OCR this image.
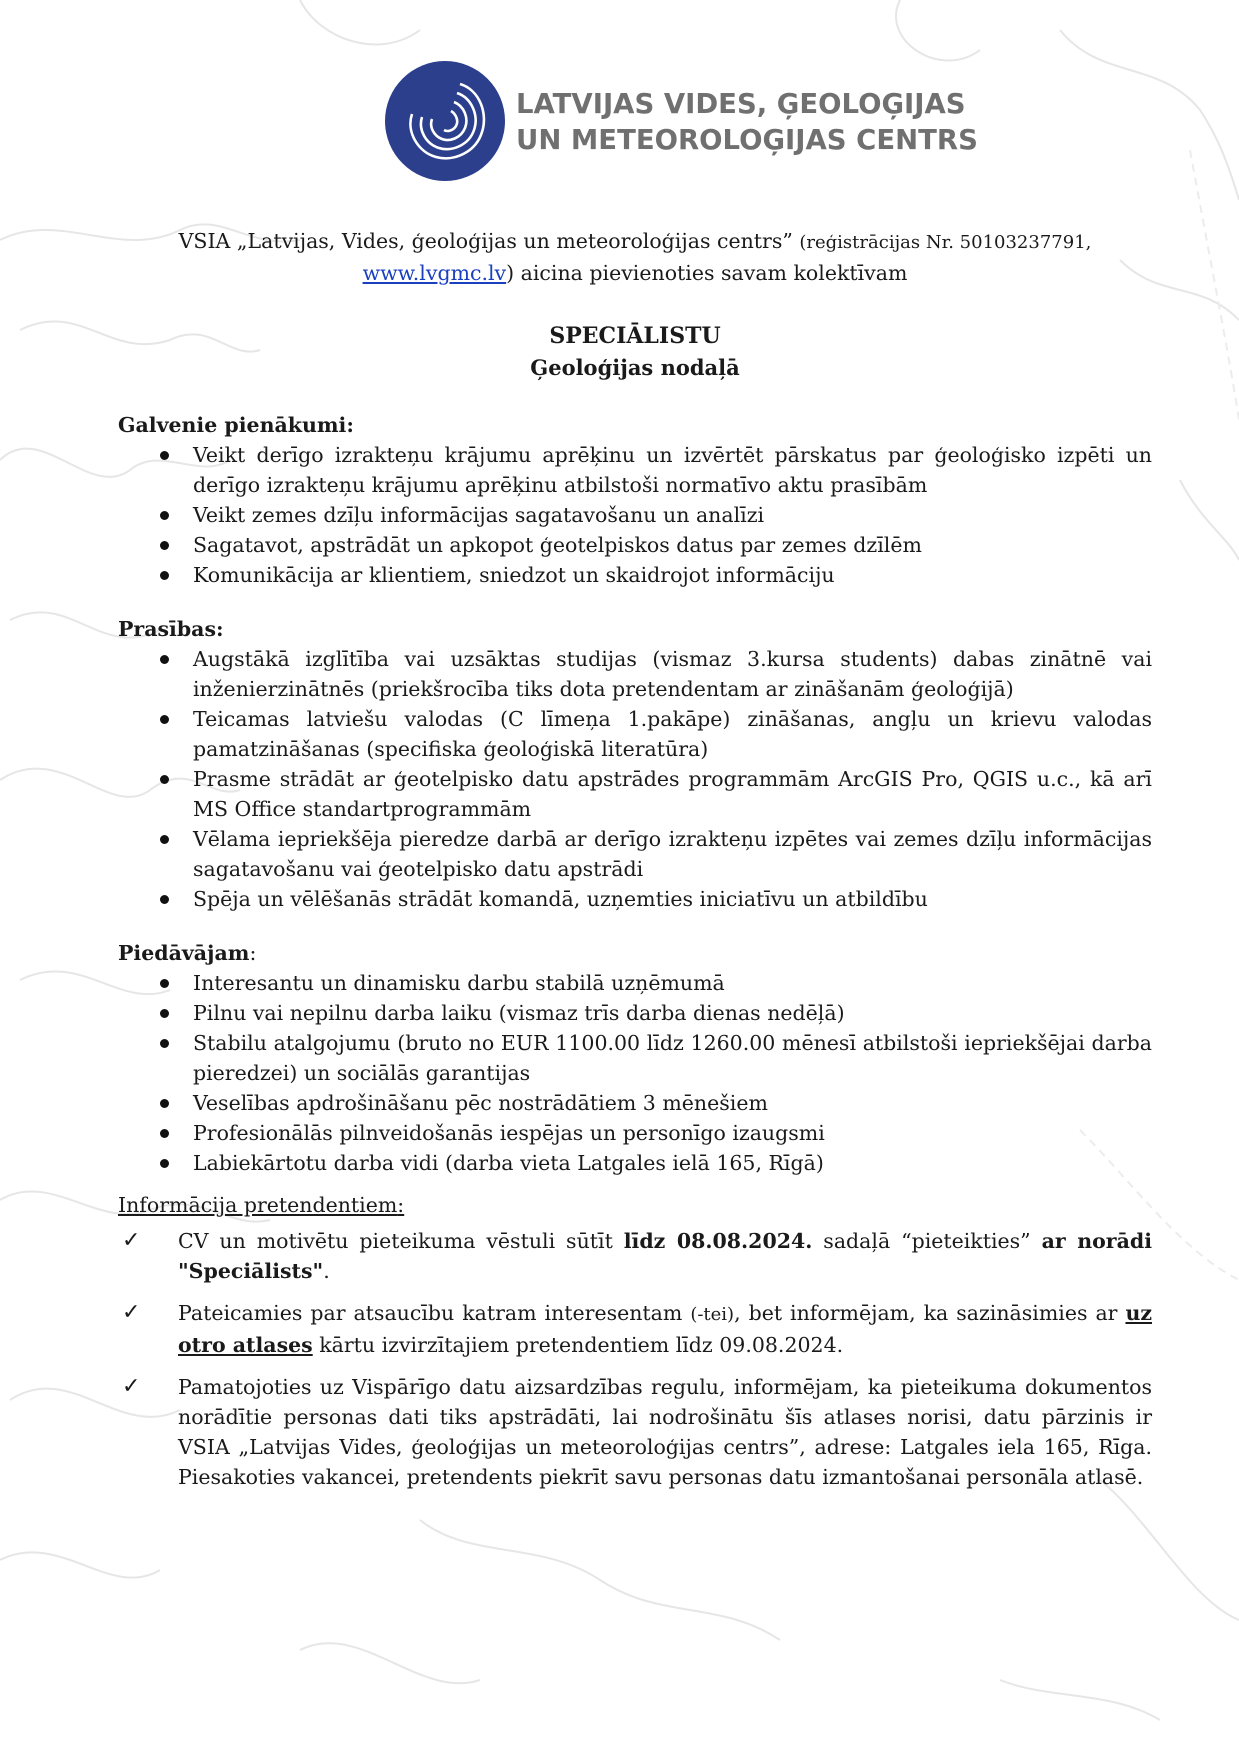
LATVIJAS VIDES, ĢEOLOĢIJAS
UN METEOROLOĢIJAS CENTRS

VSIA „Latvijas, Vides, ģeoloģijas un meteoroloģijas centrs” (reģistrācijas Nr. 50103237791,
www.lvgmc.lv) aicina pievienoties savam kolektīvam

SPECIĀLISTU
Ģeoloģijas nodaļā

Galvenie pienākumi:

Veikt derīgo izrakteņu krājumu aprēķinu un izvērtēt pārskatus par ģeoloģisko izpēti un derīgo izrakteņu krājumu aprēķinu atbilstoši normatīvo aktu prasībām
Veikt zemes dzīļu informācijas sagatavošanu un analīzi
Sagatavot, apstrādāt un apkopot ģeotelpiskos datus par zemes dzīlēm
Komunikācija ar klientiem, sniedzot un skaidrojot informāciju

Prasības:

Augstākā izglītība vai uzsāktas studijas (vismaz 3.kursa students) dabas zinātnē vai inženierzinātnēs (priekšrocība tiks dota pretendentam ar zināšanām ģeoloģijā)
Teicamas latviešu valodas (C līmeņa 1.pakāpe) zināšanas, angļu un krievu valodas pamatzināšanas (specifiska ģeoloģiskā literatūra)
Prasme strādāt ar ģeotelpisko datu apstrādes programmām ArcGIS Pro, QGIS u.c., kā arī MS Office standartprogrammām
Vēlama iepriekšēja pieredze darbā ar derīgo izrakteņu izpētes vai zemes dzīļu informācijas sagatavošanu vai ģeotelpisko datu apstrādi
Spēja un vēlēšanās strādāt komandā, uzņemties iniciatīvu un atbildību

Piedāvājam:

Interesantu un dinamisku darbu stabilā uzņēmumā
Pilnu vai nepilnu darba laiku (vismaz trīs darba dienas nedēļā)
Stabilu atalgojumu (bruto no EUR 1100.00 līdz 1260.00 mēnesī atbilstoši iepriekšējai darba pieredzei) un sociālās garantijas
Veselības apdrošināšanu pēc nostrādātiem 3 mēnešiem
Profesionālās pilnveidošanās iespējas un personīgo izaugsmi
Labiekārtotu darba vidi (darba vieta Latgales ielā 165, Rīgā)
Informācija pretendentiem:
✓ CV un motivētu pieteikuma vēstuli sūtīt līdz 08.08.2024. sadaļā “pieteikties” ar norādi "Speciālists".
✓ Pateicamies par atsaucību katram interesentam (-tei), bet informējam, ka sazināsimies ar uz otro atlases kārtu izvirzītajiem pretendentiem līdz 09.08.2024.
✓ Pamatojoties uz Vispārīgo datu aizsardzības regulu, informējam, ka pieteikuma dokumentos norādītie personas dati tiks apstrādāti, lai nodrošinātu šīs atlases norisi, datu pārzinis ir VSIA „Latvijas Vides, ģeoloģijas un meteoroloģijas centrs”, adrese: Latgales iela 165, Rīga. Piesakoties vakancei, pretendents piekrīt savu personas datu izmantošanai personāla atlasē.
